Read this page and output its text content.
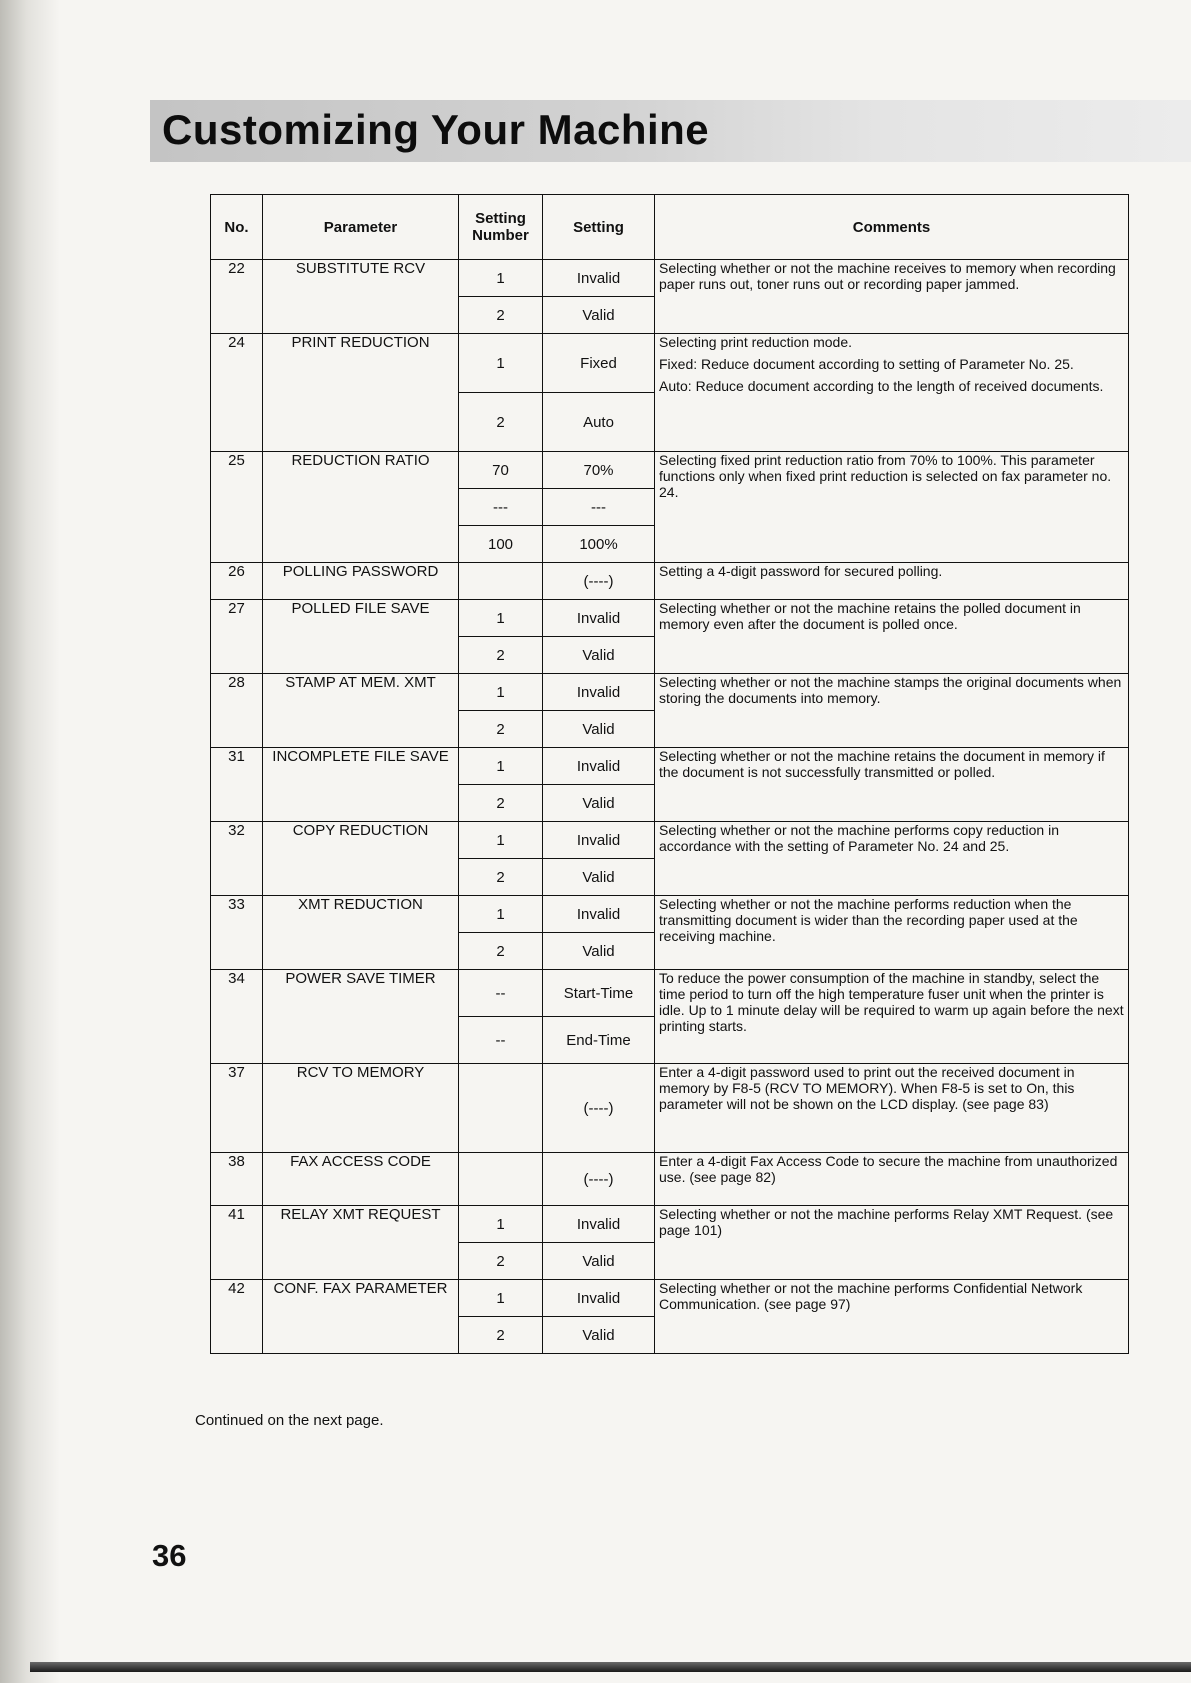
Customizing Your Machine
No.	Parameter	Setting Number	Setting	Comments
22	SUBSTITUTE RCV	1	Invalid	Selecting whether or not the machine receives to memory when recording paper runs out, toner runs out or recording paper jammed.
		2	Valid	
24	PRINT REDUCTION	1	Fixed	Selecting print reduction mode.
Fixed: Reduce document according to setting of Parameter No. 25.
Auto: Reduce document according to the length of received documents.

		2	Auto	
25	REDUCTION RATIO	70	70%	Selecting fixed print reduction ratio from 70% to 100%. This parameter functions only when fixed print reduction is selected on fax parameter no. 24.
		---	---	
		100	100%	
26	POLLING PASSWORD		(----)	Setting a 4-digit password for secured polling.
27	POLLED FILE SAVE	1	Invalid	Selecting whether or not the machine retains the polled document in memory even after the document is polled once.
		2	Valid	
28	STAMP AT MEM. XMT	1	Invalid	Selecting whether or not the machine stamps the original documents when storing the documents into memory.
		2	Valid	
31	INCOMPLETE FILE SAVE	1	Invalid	Selecting whether or not the machine retains the document in memory if the document is not successfully transmitted or polled.
		2	Valid	
32	COPY REDUCTION	1	Invalid	Selecting whether or not the machine performs copy reduction in accordance with the setting of Parameter No. 24 and 25.
		2	Valid	
33	XMT REDUCTION	1	Invalid	Selecting whether or not the machine performs reduction when the transmitting document is wider than the recording paper used at the receiving machine.
		2	Valid	
34	POWER SAVE TIMER	--	Start-Time	To reduce the power consumption of the machine in standby, select the time period to turn off the high temperature fuser unit when the printer is idle. Up to 1 minute delay will be required to warm up again before the next printing starts.
		--	End-Time	
37	RCV TO MEMORY		(----)	Enter a 4-digit password used to print out the received document in memory by F8-5 (RCV TO MEMORY). When F8-5 is set to On, this parameter will not be shown on the LCD display. (see page 83)
38	FAX ACCESS CODE		(----)	Enter a 4-digit Fax Access Code to secure the machine from unauthorized use. (see page 82)
41	RELAY XMT REQUEST	1	Invalid	Selecting whether or not the machine performs Relay XMT Request. (see page 101)
		2	Valid	
42	CONF. FAX PARAMETER	1	Invalid	Selecting whether or not the machine performs Confidential Network Communication. (see page 97)
		2	Valid	
Continued on the next page.
36
